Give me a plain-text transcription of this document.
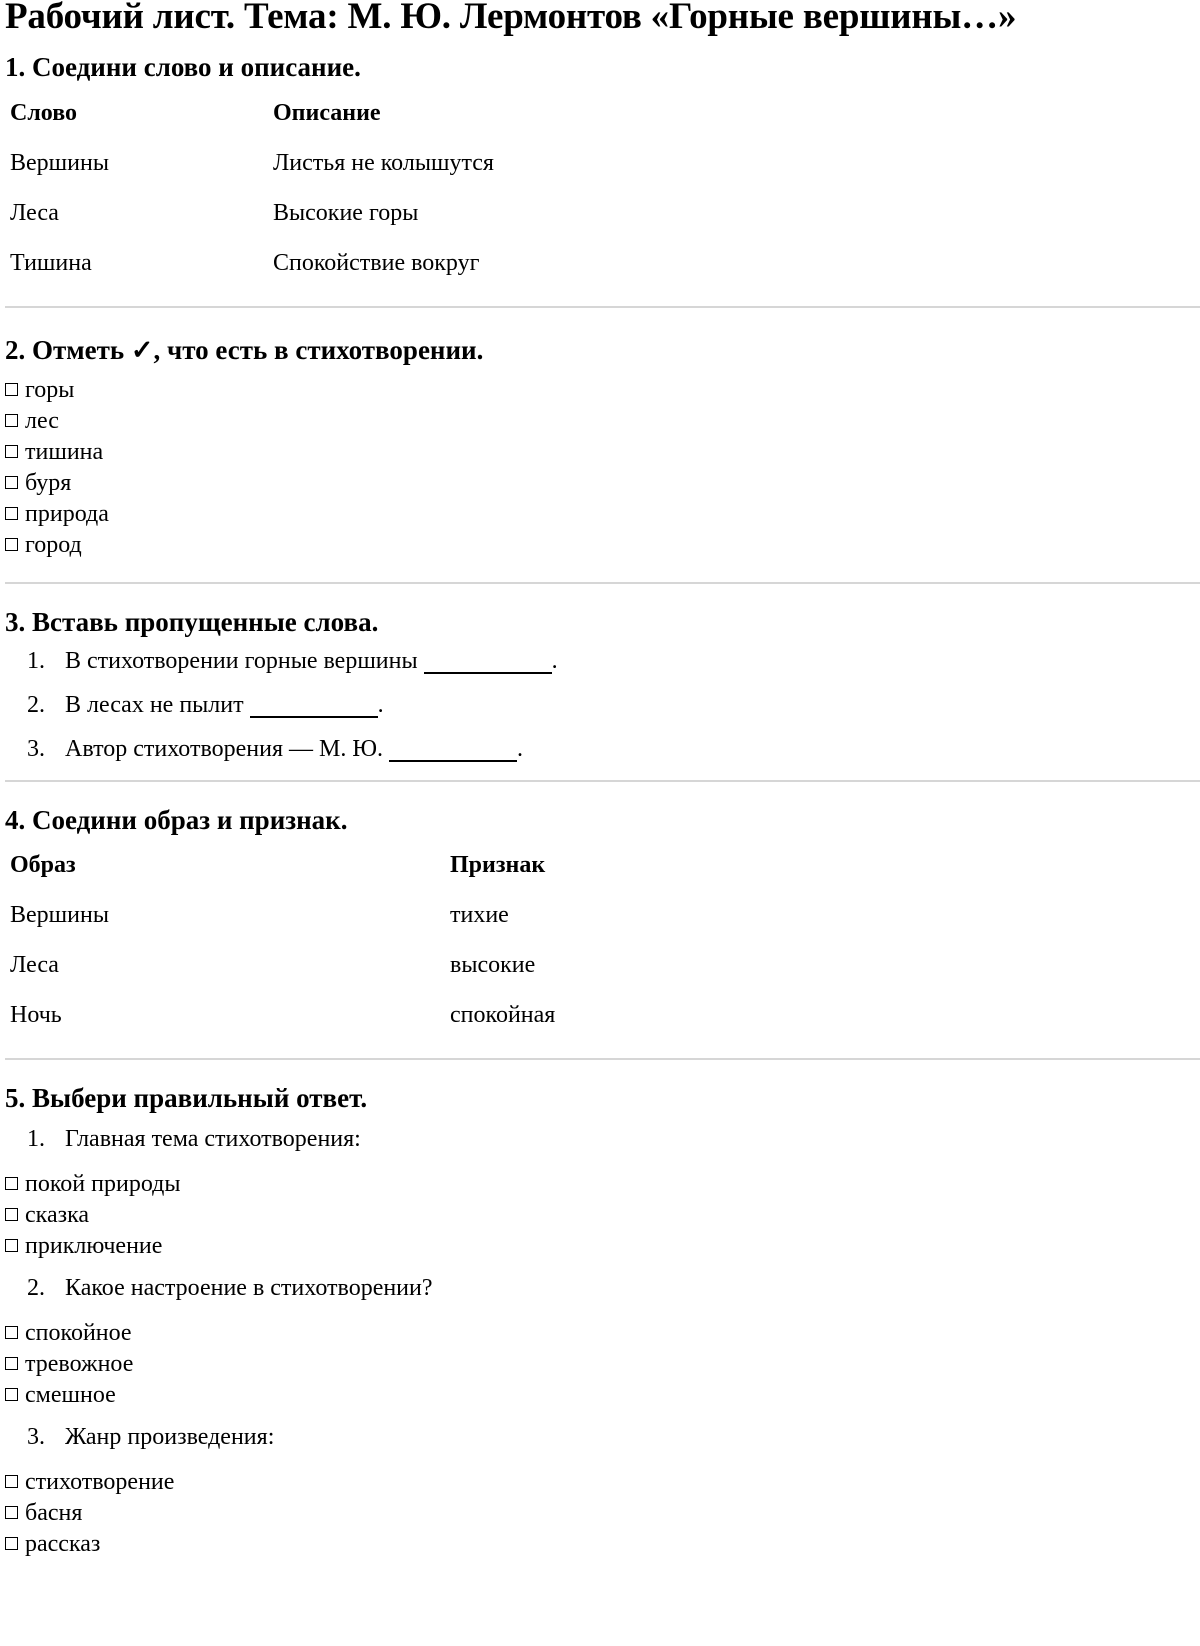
Рабочий лист. Тема: М. Ю. Лермонтов «Горные вершины…»
1. Соедини слово и описание.
Слово	Описание
Вершины	Листья не колышутся
Леса	Высокие горы
Тишина	Спокойствие вокруг
2. Отметь ✓, что есть в стихотворении.
горы
лес
тишина
буря
природа
город
3. Вставь пропущенные слова.
1. В стихотворении горные вершины	.
2. В лесах не пылит	.
3. Автор стихотворения — М. Ю.	.
4. Соедини образ и признак.
Образ	Признак
Вершины	тихие
Леса	высокие
Ночь	спокойная
5. Выбери правильный ответ.
1. Главная тема стихотворения:
покой природы
сказка
приключение
2. Какое настроение в стихотворении?
спокойное
тревожное
смешное
3. Жанр произведения:
стихотворение
басня
рассказ
